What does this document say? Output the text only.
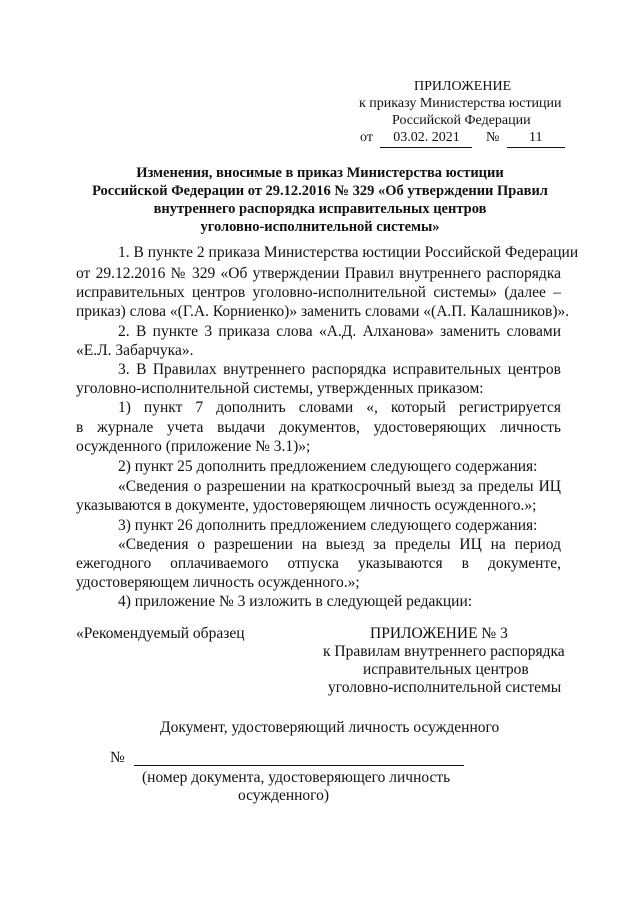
ПРИЛОЖЕНИЕ
к приказу Министерства юстиции
Российской Федерации
от 03.02. 2021 № 11
Изменения, вносимые в приказ Министерства юстиции
Российской Федерации от 29.12.2016 № 329 «Об утверждении Правил
внутреннего распорядка исправительных центров
уголовно-исполнительной системы»
1. В пункте 2 приказа Министерства юстиции Российской Федерации
от 29.12.2016 № 329 «Об утверждении Правил внутреннего распорядка
исправительных центров уголовно-исполнительной системы» (далее –
приказ) слова «(Г.А. Корниенко)» заменить словами «(А.П. Калашников)».
2. В пункте 3 приказа слова «А.Д. Алханова» заменить словами
«Е.Л. Забарчука».
3. В Правилах внутреннего распорядка исправительных центров
уголовно-исполнительной системы, утвержденных приказом:
1) пункт 7 дополнить словами «, который регистрируется
в журнале учета выдачи документов, удостоверяющих личность
осужденного (приложение № 3.1)»;
2) пункт 25 дополнить предложением следующего содержания:
«Сведения о разрешении на краткосрочный выезд за пределы ИЦ
указываются в документе, удостоверяющем личность осужденного.»;
3) пункт 26 дополнить предложением следующего содержания:
«Сведения о разрешении на выезд за пределы ИЦ на период
ежегодного оплачиваемого отпуска указываются в документе,
удостоверяющем личность осужденного.»;
4) приложение № 3 изложить в следующей редакции:
«Рекомендуемый образец	ПРИЛОЖЕНИЕ № 3
к Правилам внутреннего распорядка
исправительных центров
уголовно-исполнительной системы
Документ, удостоверяющий личность осужденного
№
(номер документа, удостоверяющего личность
осужденного)
